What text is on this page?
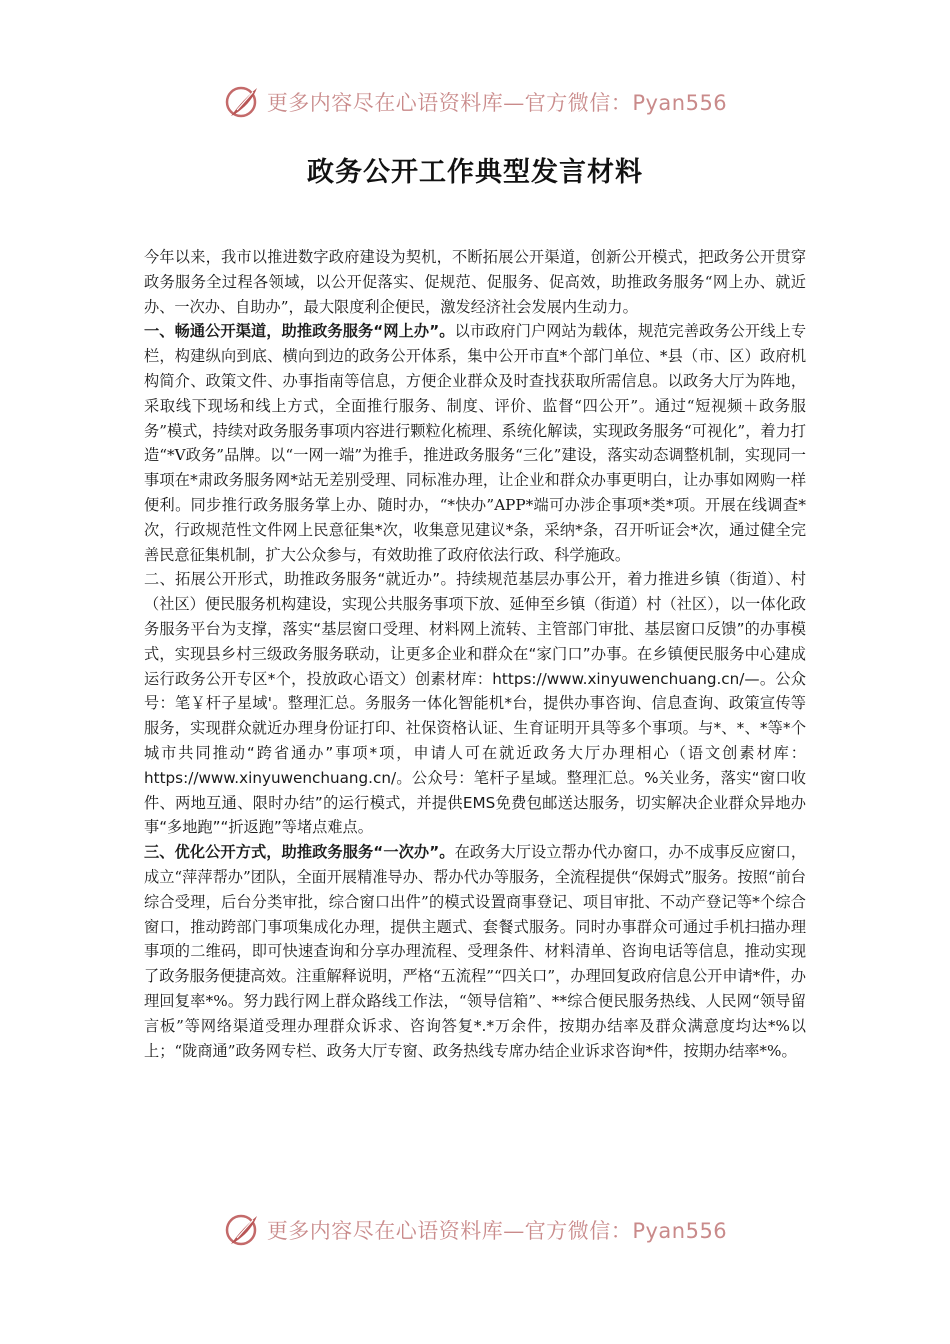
更多内容尽在心语资料库—官方微信：Pyan556
政务公开工作典型发言材料

今年以来，我市以推进数字政府建设为契机，不断拓展公开渠道，创新公开模式，把政务公开贯穿政务服务全过程各领域，以公开促落实、促规范、促服务、促高效，助推政务服务“网上办、就近办、一次办、自助办”，最大限度利企便民，激发经济社会发展内生动力。

一、畅通公开渠道，助推政务服务“网上办”。以市政府门户网站为载体，规范完善政务公开线上专栏，构建纵向到底、横向到边的政务公开体系，集中公开市直*个部门单位、*县（市、区）政府机构简介、政策文件、办事指南等信息，方便企业群众及时查找获取所需信息。以政务大厅为阵地，采取线下现场和线上方式，全面推行服务、制度、评价、监督“四公开”。通过“短视频＋政务服务”模式，持续对政务服务事项内容进行颗粒化梳理、系统化解读，实现政务服务“可视化”，着力打造“*V政务”品牌。以“一网一端”为推手，推进政务服务“三化”建设，落实动态调整机制，实现同一事项在*肃政务服务网*站无差别受理、同标准办理，让企业和群众办事更明白，让办事如网购一样便利。同步推行政务服务掌上办、随时办，“*快办”APP*端可办涉企事项*类*项。开展在线调查*次，行政规范性文件网上民意征集*次，收集意见建议*条，采纳*条，召开听证会*次，通过健全完善民意征集机制，扩大公众参与，有效助推了政府依法行政、科学施政。

二、拓展公开形式，助推政务服务“就近办”。持续规范基层办事公开，着力推进乡镇（街道）、村（社区）便民服务机构建设，实现公共服务事项下放、延伸至乡镇（街道）村（社区），以一体化政务服务平台为支撑，落实“基层窗口受理、材料网上流转、主管部门审批、基层窗口反馈”的办事模式，实现县乡村三级政务服务联动，让更多企业和群众在“家门口”办事。在乡镇便民服务中心建成运行政务公开专区*个，投放政心语文）创素材库：https://www.xinyuwenchuang.cn/—。公众号：笔￥杆子星域'。整理汇总。务服务一体化智能机*台，提供办事咨询、信息查询、政策宣传等服务，实现群众就近办理身份证打印、社保资格认证、生育证明开具等多个事项。与*、*、*等*个城市共同推动“跨省通办”事项*项，申请人可在就近政务大厅办理相心（语文创素材库：https://www.xinyuwenchuang.cn/。公众号：笔杆子星域。整理汇总。%关业务，落实“窗口收件、两地互通、限时办结”的运行模式，并提供EMS免费包邮送达服务，切实解决企业群众异地办事“多地跑”“折返跑”等堵点难点。

三、优化公开方式，助推政务服务“一次办”。在政务大厅设立帮办代办窗口，办不成事反应窗口，成立“萍萍帮办”团队，全面开展精准导办、帮办代办等服务，全流程提供“保姆式”服务。按照“前台综合受理，后台分类审批，综合窗口出件”的模式设置商事登记、项目审批、不动产登记等*个综合窗口，推动跨部门事项集成化办理，提供主题式、套餐式服务。同时办事群众可通过手机扫描办理事项的二维码，即可快速查询和分享办理流程、受理条件、材料清单、咨询电话等信息，推动实现了政务服务便捷高效。注重解释说明，严格“五流程”“四关口”，办理回复政府信息公开申请*件，办理回复率*%。努力践行网上群众路线工作法，“领导信箱”、**综合便民服务热线、人民网“领导留言板”等网络渠道受理办理群众诉求、咨询答复*.*万余件，按期办结率及群众满意度均达*%以上；“陇商通”政务网专栏、政务大厅专窗、政务热线专席办结企业诉求咨询*件，按期办结率*%。

更多内容尽在心语资料库—官方微信：Pyan556
